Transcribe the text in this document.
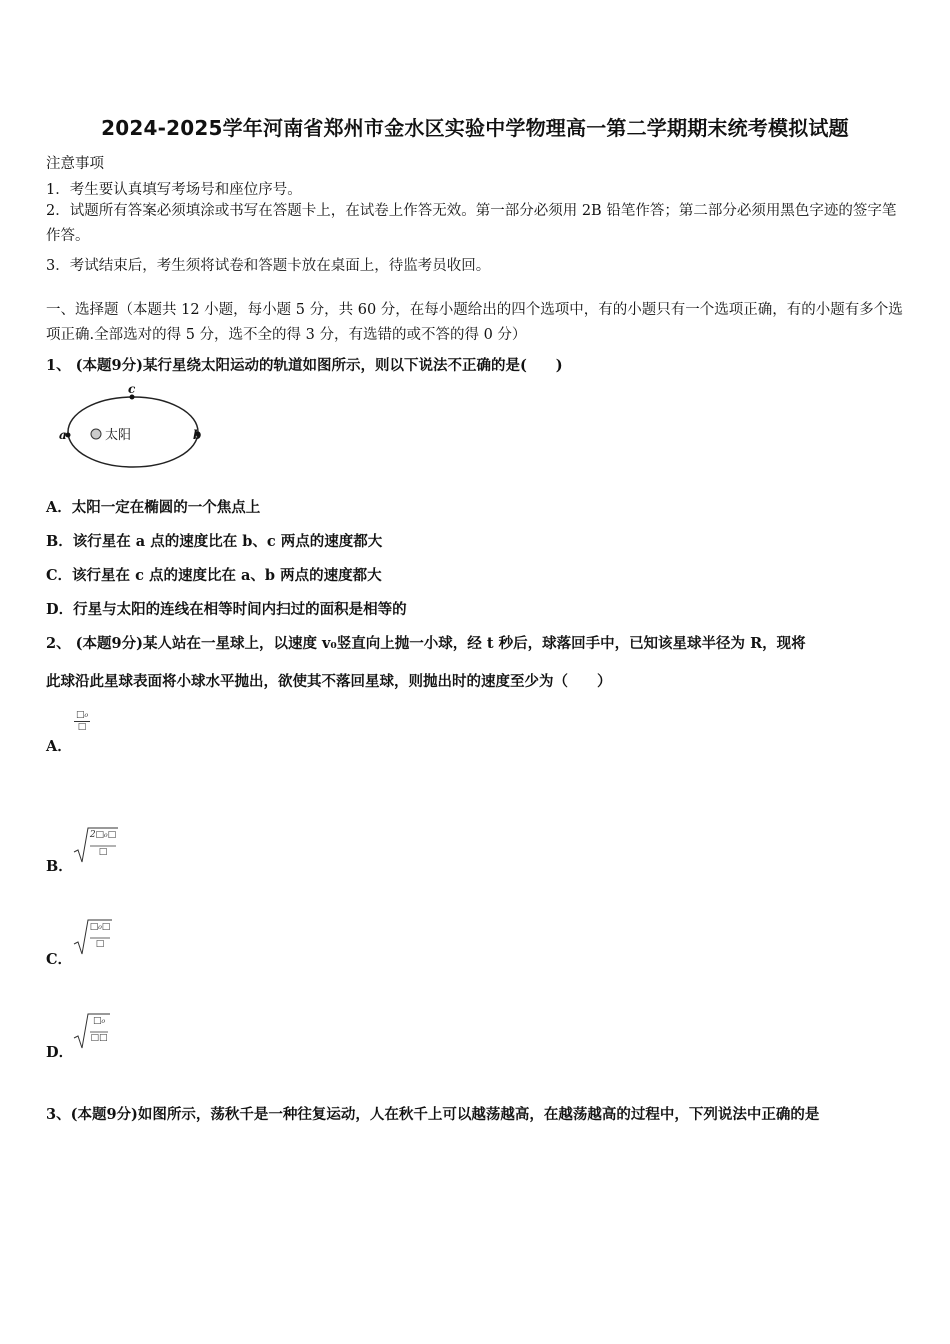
2024-2025学年河南省郑州市金水区实验中学物理高一第二学期期末统考模拟试题
注意事项
1．考生要认真填写考场号和座位序号。
2．试题所有答案必须填涂或书写在答题卡上，在试卷上作答无效。第一部分必须用 2B 铅笔作答；第二部分必须用黑色字迹的签字笔作答。
3．考试结束后，考生须将试卷和答题卡放在桌面上，待监考员收回。
一、选择题（本题共 12 小题，每小题 5 分，共 60 分，在每小题给出的四个选项中，有的小题只有一个选项正确，有的小题有多个选项正确.全部选对的得 5 分，选不全的得 3 分，有选错的或不答的得 0 分）
1、 (本题9分)某行星绕太阳运动的轨道如图所示，则以下说法不正确的是(　　)
太阳
a	b
c
A．太阳一定在椭圆的一个焦点上
B．该行星在 a 点的速度比在 b、c 两点的速度都大
C．该行星在 c 点的速度比在 a、b 两点的速度都大
D．行星与太阳的连线在相等时间内扫过的面积是相等的
2、 (本题9分)某人站在一星球上，以速度 v₀竖直向上抛一小球，经 t 秒后，球落回手中，已知该星球半径为 R，现将
此球沿此星球表面将小球水平抛出，欲使其不落回星球，则抛出时的速度至少为（　　）
A．
□₀
□
B．
2□₀□
□
C．
□₀□
□
D．
□₀
□□
3、(本题9分)如图所示，荡秋千是一种往复运动，人在秋千上可以越荡越高，在越荡越高的过程中，下列说法中正确的是
